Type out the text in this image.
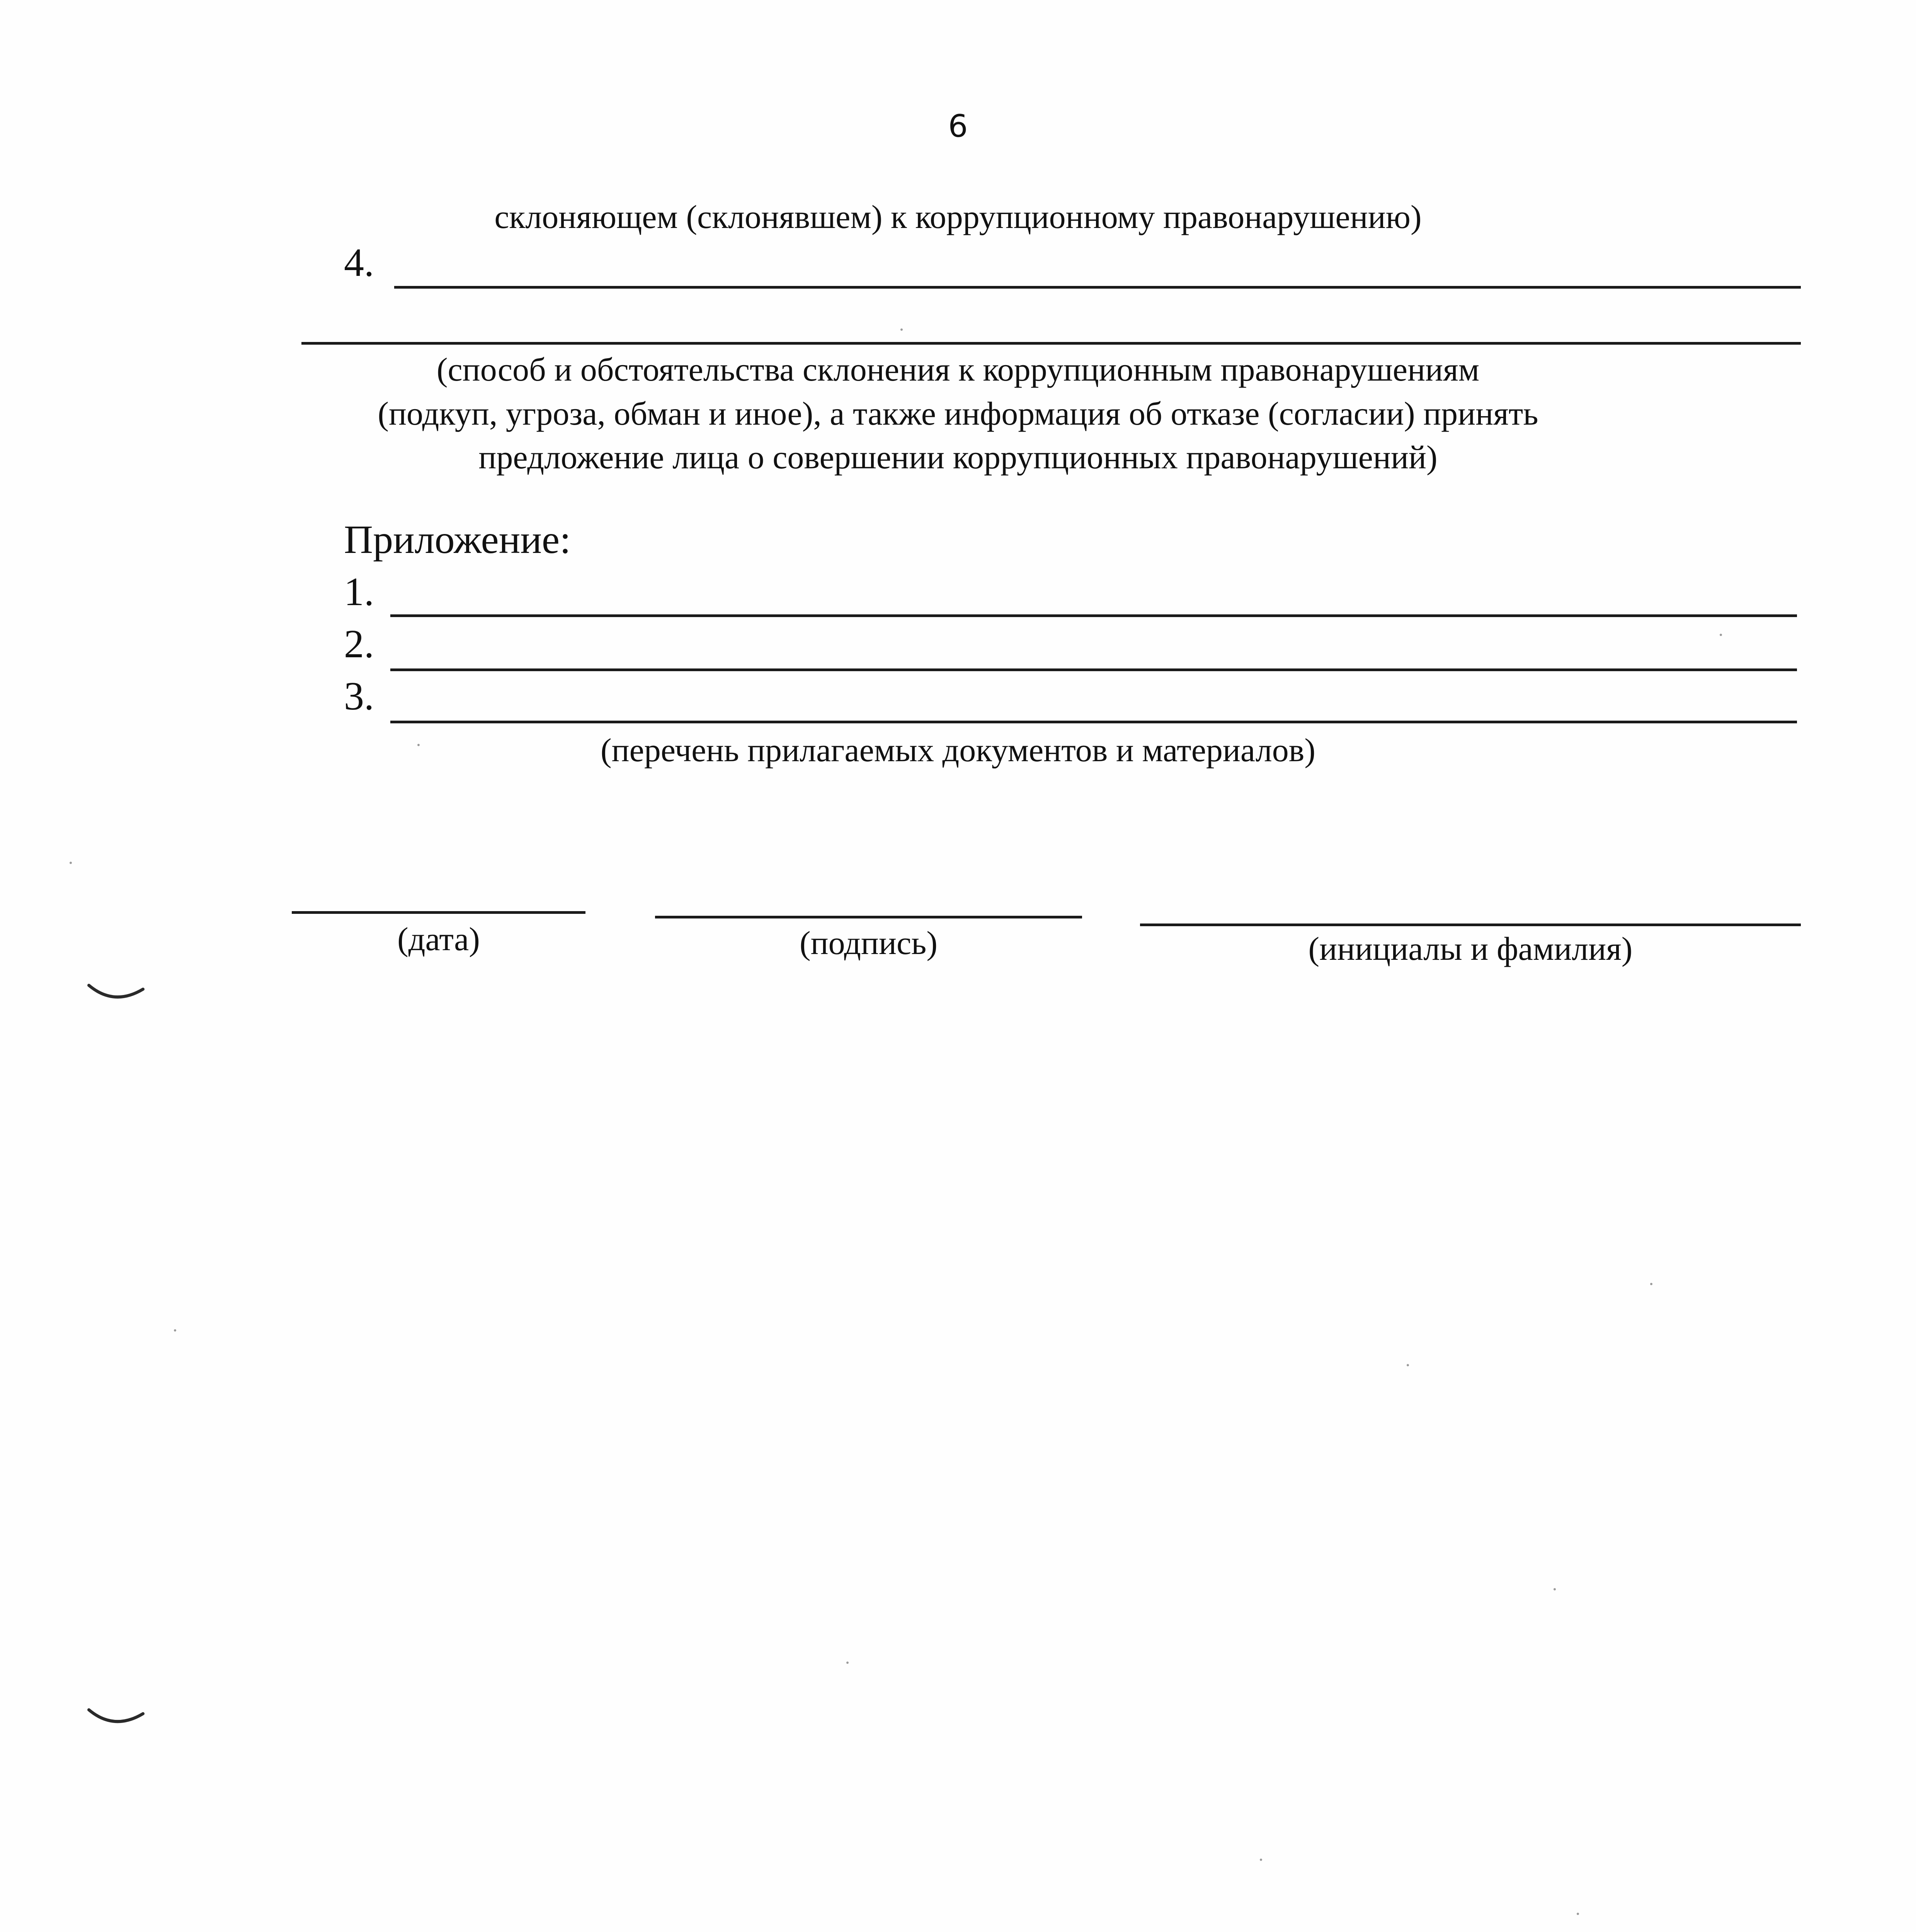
6
склоняющем (склонявшем) к коррупционному правонарушению)
4.
(способ и обстоятельства склонения к коррупционным правонарушениям
(подкуп, угроза, обман и иное), а также информация об отказе (согласии) принять
предложение лица о совершении коррупционных правонарушений)
Приложение:
1.
2.
3.
(перечень прилагаемых документов и материалов)
(дата)	(подпись)	(инициалы и фамилия)
